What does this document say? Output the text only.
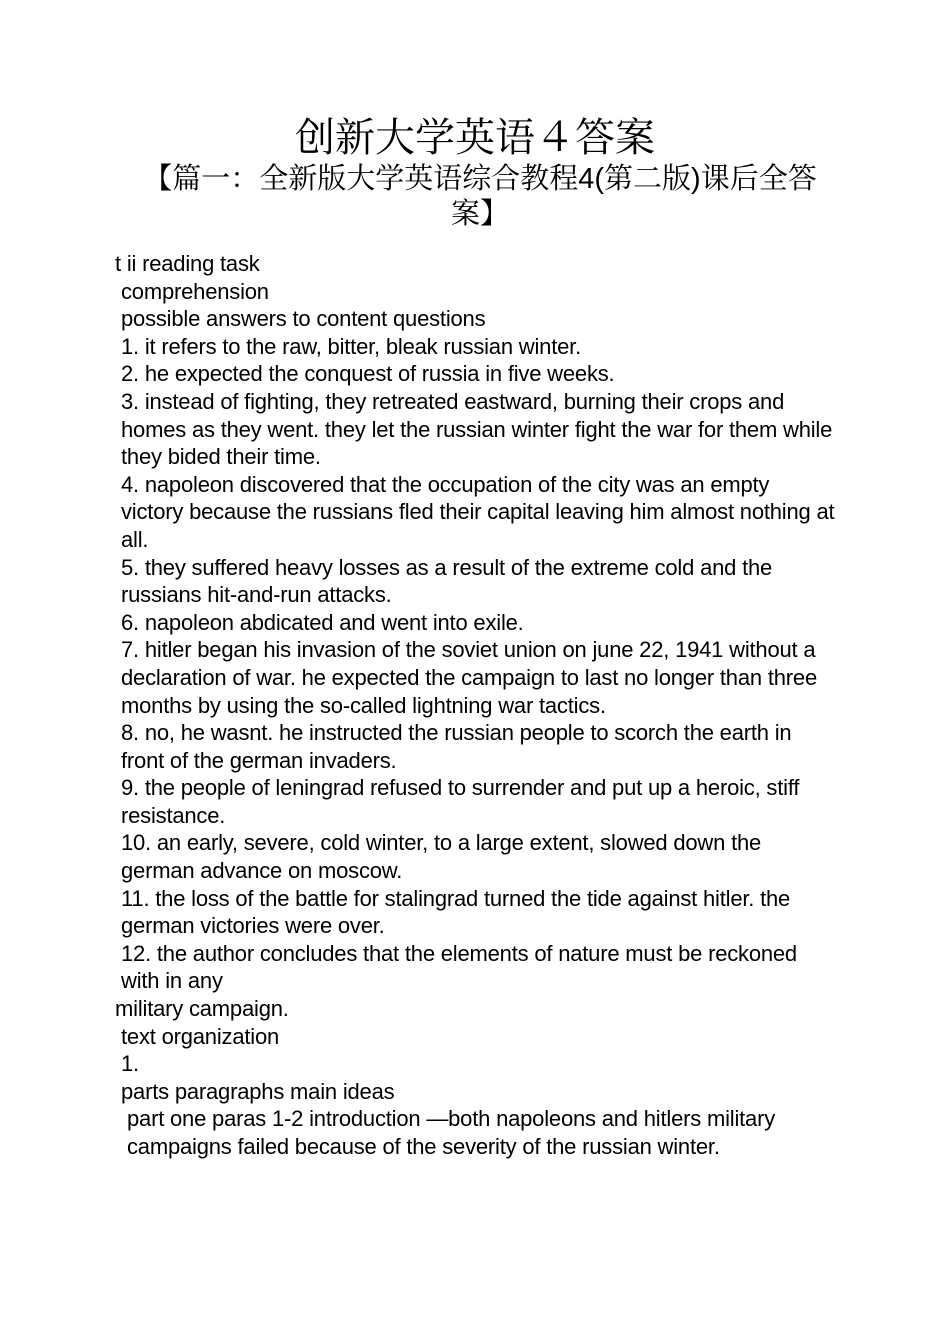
创新大学英语４答案
【篇一：全新版大学英语综合教程4(第二版)课后全答案】

t ii reading task

comprehension

possible answers to content questions

1. it refers to the raw, bitter, bleak russian winter.

2. he expected the conquest of russia in five weeks.

3. instead of fighting, they retreated eastward, burning their crops and homes as they went. they let the russian winter fight the war for them while they bided their time.

4. napoleon discovered that the occupation of the city was an empty victory because the russians fled their capital leaving him almost nothing at all.

5. they suffered heavy losses as a result of the extreme cold and the russians hit-and-run attacks.

6. napoleon abdicated and went into exile.

7. hitler began his invasion of the soviet union on june 22, 1941 without a declaration of war. he expected the campaign to last no longer than three months by using the so-called lightning war tactics.

8. no, he wasnt. he instructed the russian people to scorch the earth in front of the german invaders.

9. the people of leningrad refused to surrender and put up a heroic, stiff resistance.

10. an early, severe, cold winter, to a large extent, slowed down the german advance on moscow.

11. the loss of the battle for stalingrad turned the tide against hitler. the german victories were over.

12. the author concludes that the elements of nature must be reckoned with in any

military campaign.

text organization

1.

parts paragraphs main ideas

part one paras 1-2 introduction —both napoleons and hitlers military campaigns failed because of the severity of the russian winter.
